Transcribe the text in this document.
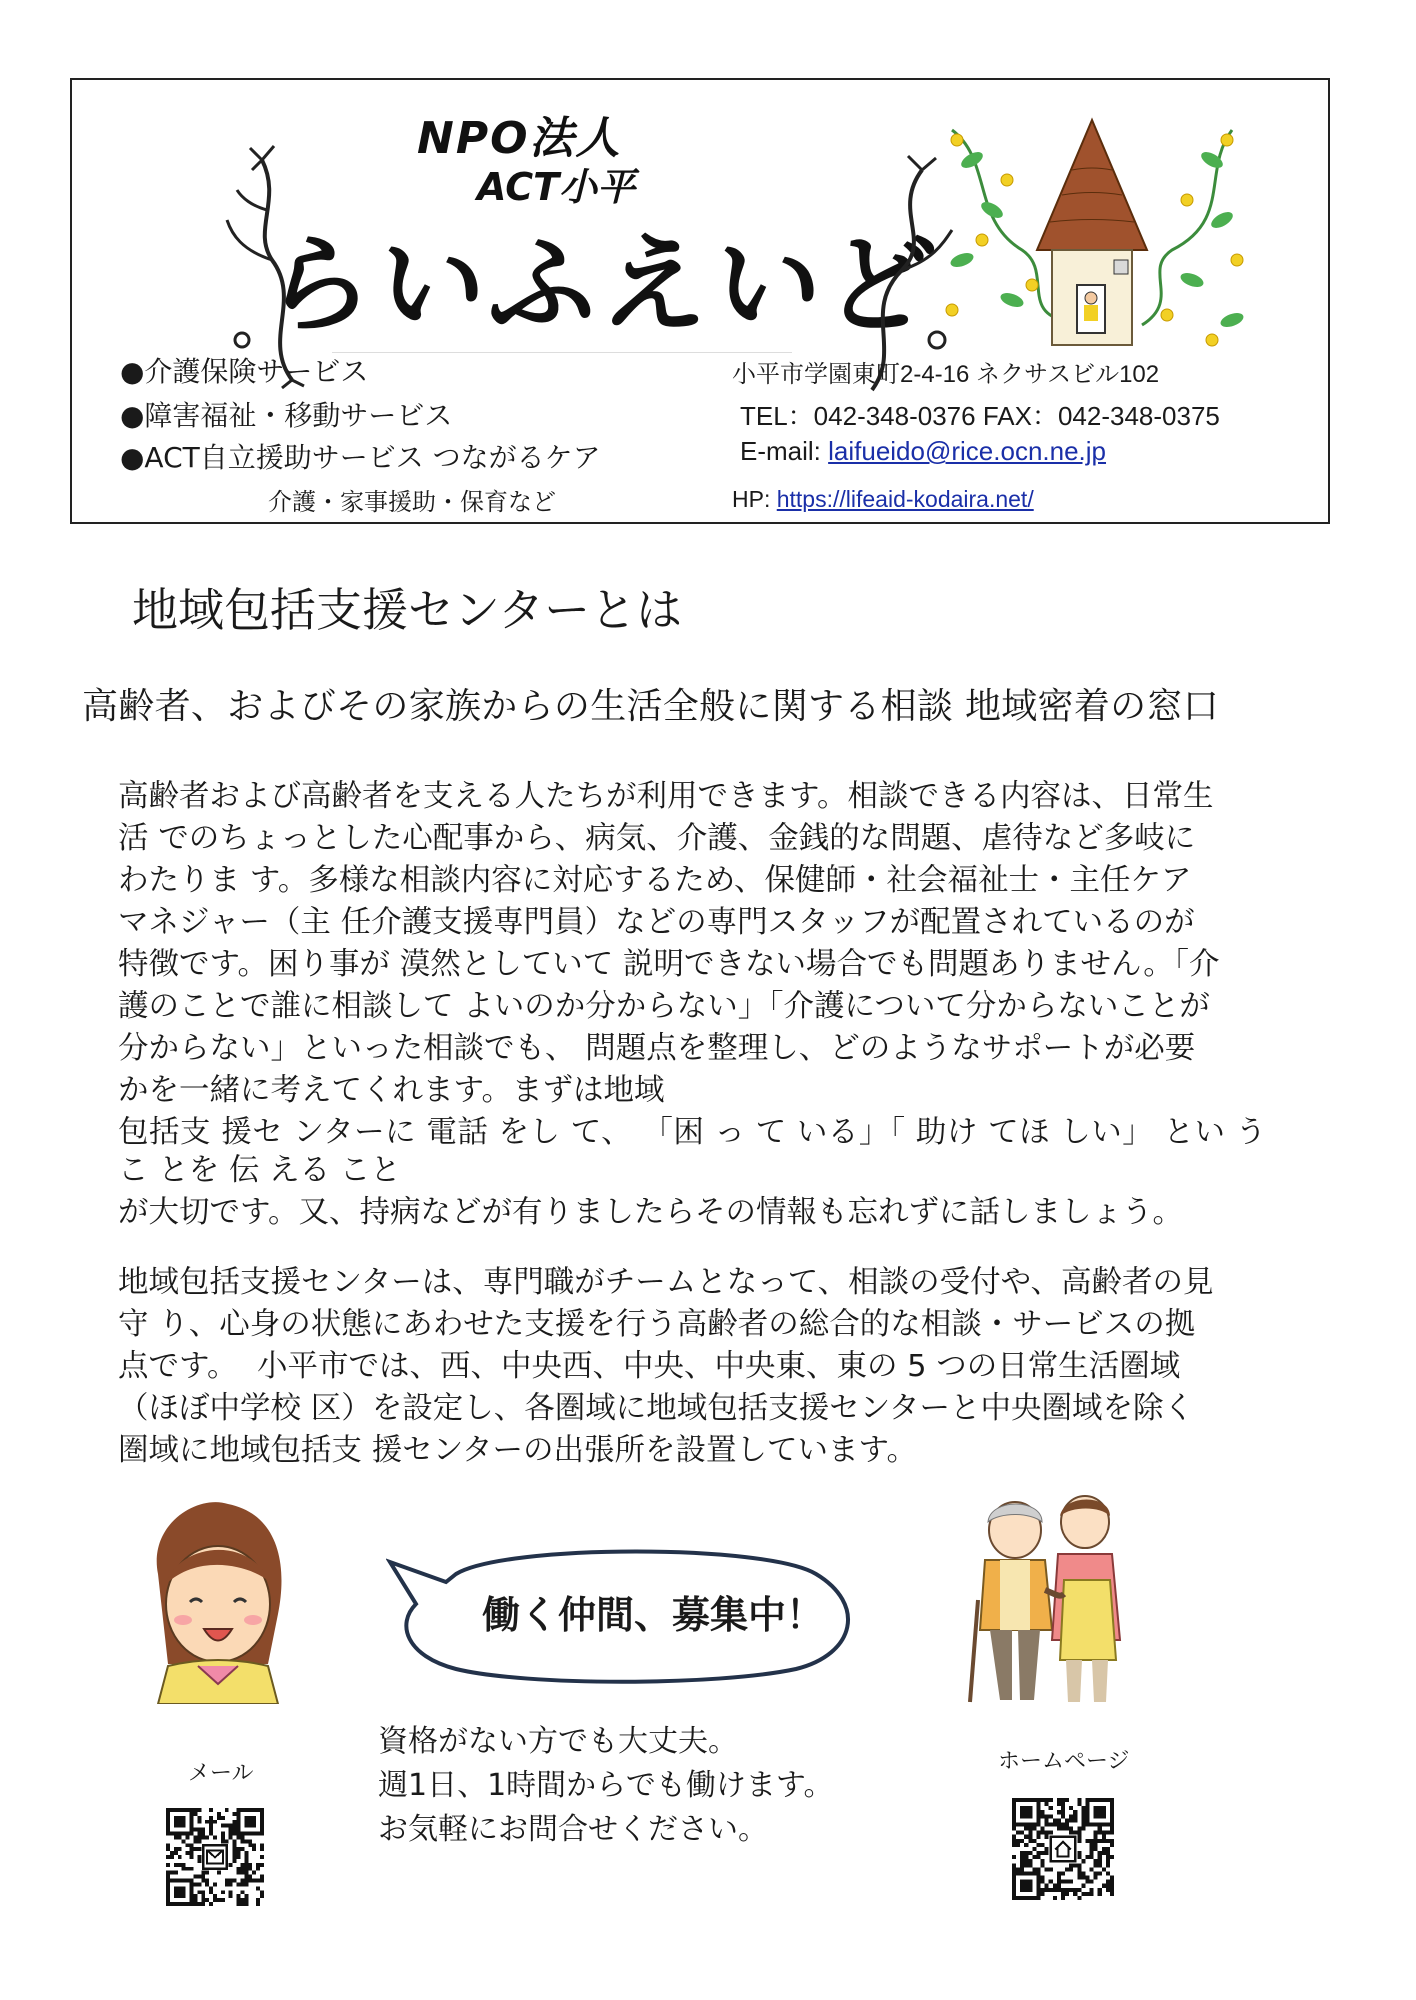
NPO法人
ACT小平
らいふえいど
●介護保険サービス
●障害福祉・移動サービス
●ACT自立援助サービス つながるケア
介護・家事援助・保育など
小平市学園東町2-4-16 ネクサスビル102
TEL：042-348-0376 FAX：042-348-0375
E-mail: laifueido@rice.ocn.ne.jp
HP: https://lifeaid-kodaira.net/
地域包括支援センターとは
高齢者、およびその家族からの生活全般に関する相談 地域密着の窓口

高齢者および高齢者を支える人たちが利用できます。相談できる内容は、日常生

活 でのちょっとした心配事から、病気、介護、金銭的な問題、虐待など多岐に

わたりま す。多様な相談内容に対応するため、保健師・社会福祉士・主任ケア

マネジャー（主 任介護支援専門員）などの専門スタッフが配置されているのが

特徴です。困り事が 漠然としていて 説明できない場合でも問題ありません。「介

護のことで誰に相談して よいのか分からない」「介護について分からないことが

分からない」といった相談でも、 問題点を整理し、どのようなサポートが必要

かを一緒に考えてくれます。まずは地域

包括支 援セ ンターに 電話 をし て、 「困 っ て いる」「 助け てほ しい」 とい う

こ とを 伝 える こと

が大切です。又、持病などが有りましたらその情報も忘れずに話しましょう。

地域包括支援センターは、専門職がチームとなって、相談の受付や、高齢者の見

守 り、心身の状態にあわせた支援を行う高齢者の総合的な相談・サービスの拠

点です。  小平市では、西、中央西、中央、中央東、東の 5 つの日常生活圏域

（ほぼ中学校 区）を設定し、各圏域に地域包括支援センターと中央圏域を除く

圏域に地域包括支 援センターの出張所を設置しています。

働く仲間、募集中！
資格がない方でも大丈夫。
週1日、1時間からでも働けます。
お気軽にお問合せください。
メール	ホームページ
